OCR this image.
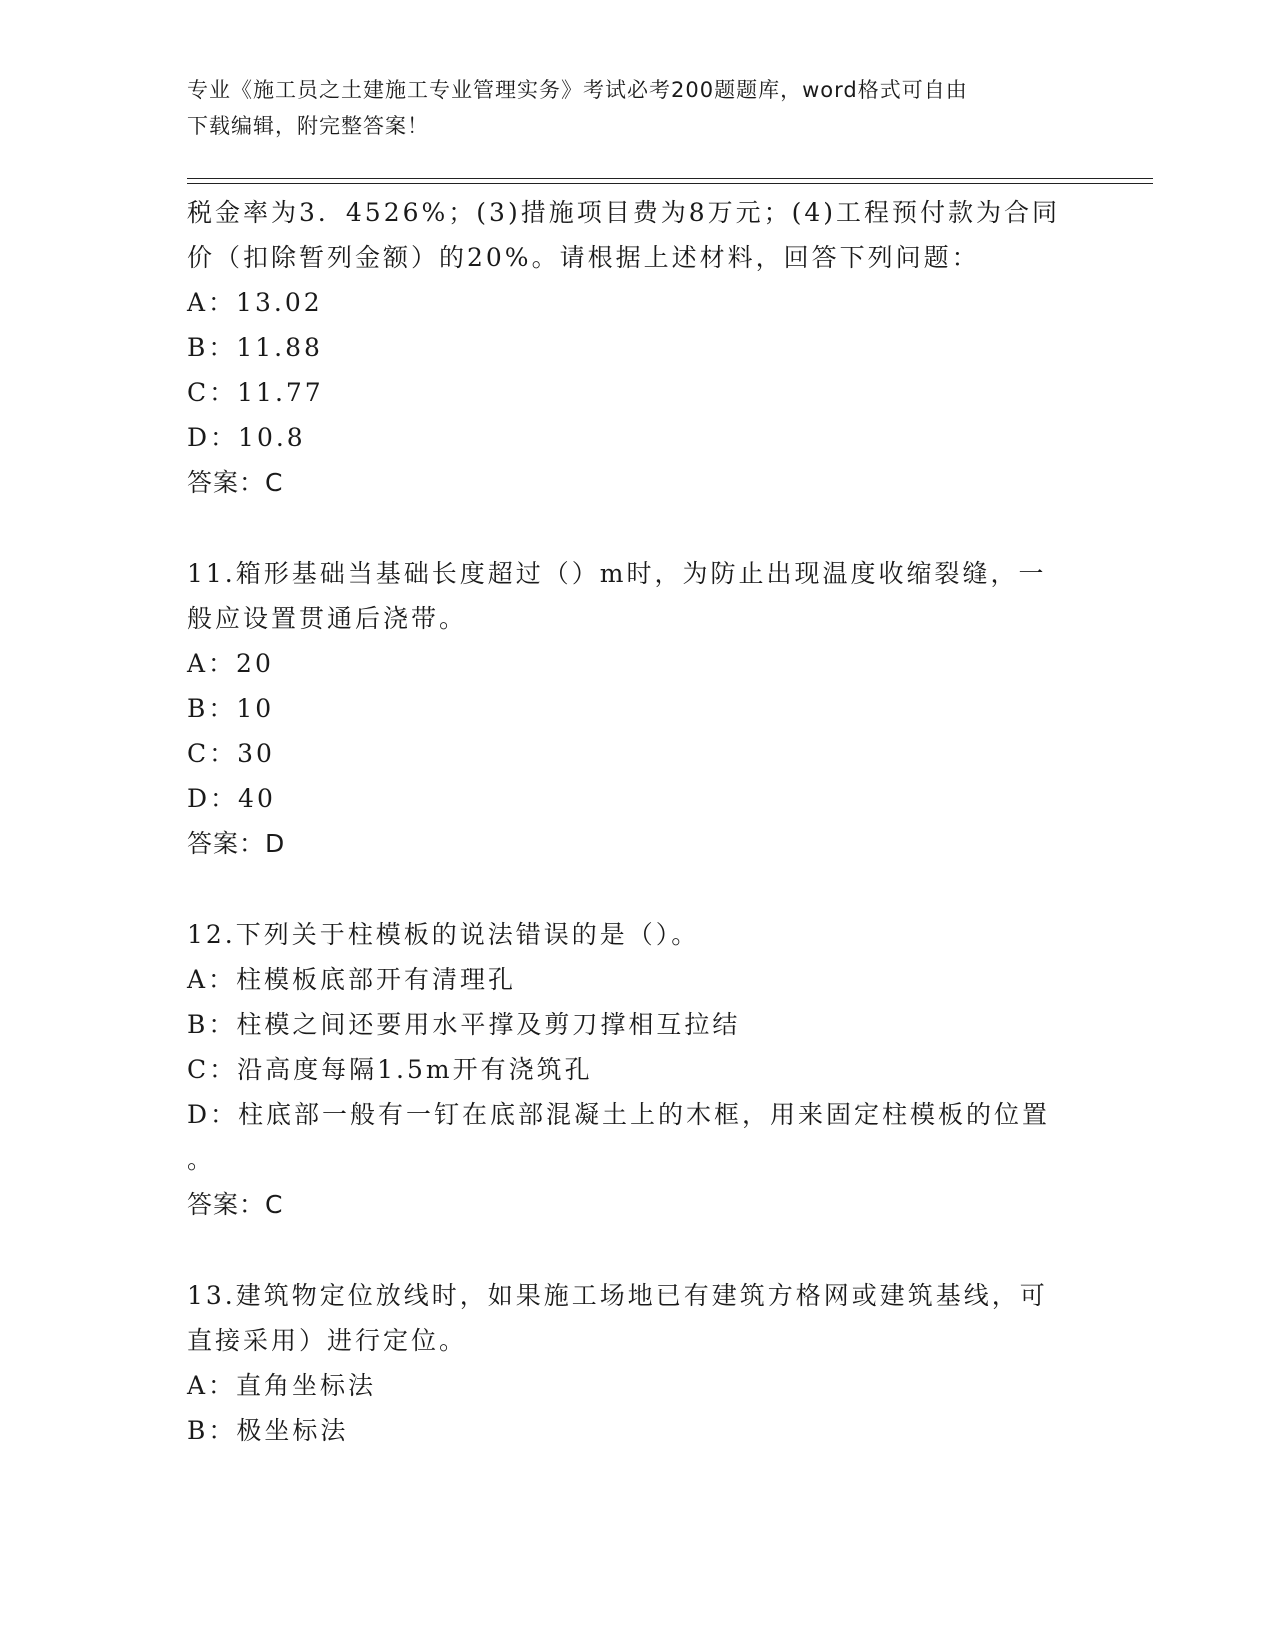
专业《施工员之土建施工专业管理实务》考试必考200题题库，word格式可自由
下载编辑，附完整答案！
税金率为3．4526%；(3)措施项目费为8万元；(4)工程预付款为合同
价（扣除暂列金额）的20%。请根据上述材料，回答下列问题：
A：13.02
B：11.88
C：11.77
D：10.8
答案：C
11.箱形基础当基础长度超过（）m时，为防止出现温度收缩裂缝，一
般应设置贯通后浇带。
A：20
B：10
C：30
D：40
答案：D
12.下列关于柱模板的说法错误的是（）。
A：柱模板底部开有清理孔
B：柱模之间还要用水平撑及剪刀撑相互拉结
C：沿高度每隔1.5m开有浇筑孔
D：柱底部一般有一钉在底部混凝土上的木框，用来固定柱模板的位置
。
答案：C
13.建筑物定位放线时，如果施工场地已有建筑方格网或建筑基线，可
直接采用）进行定位。
A：直角坐标法
B：极坐标法
